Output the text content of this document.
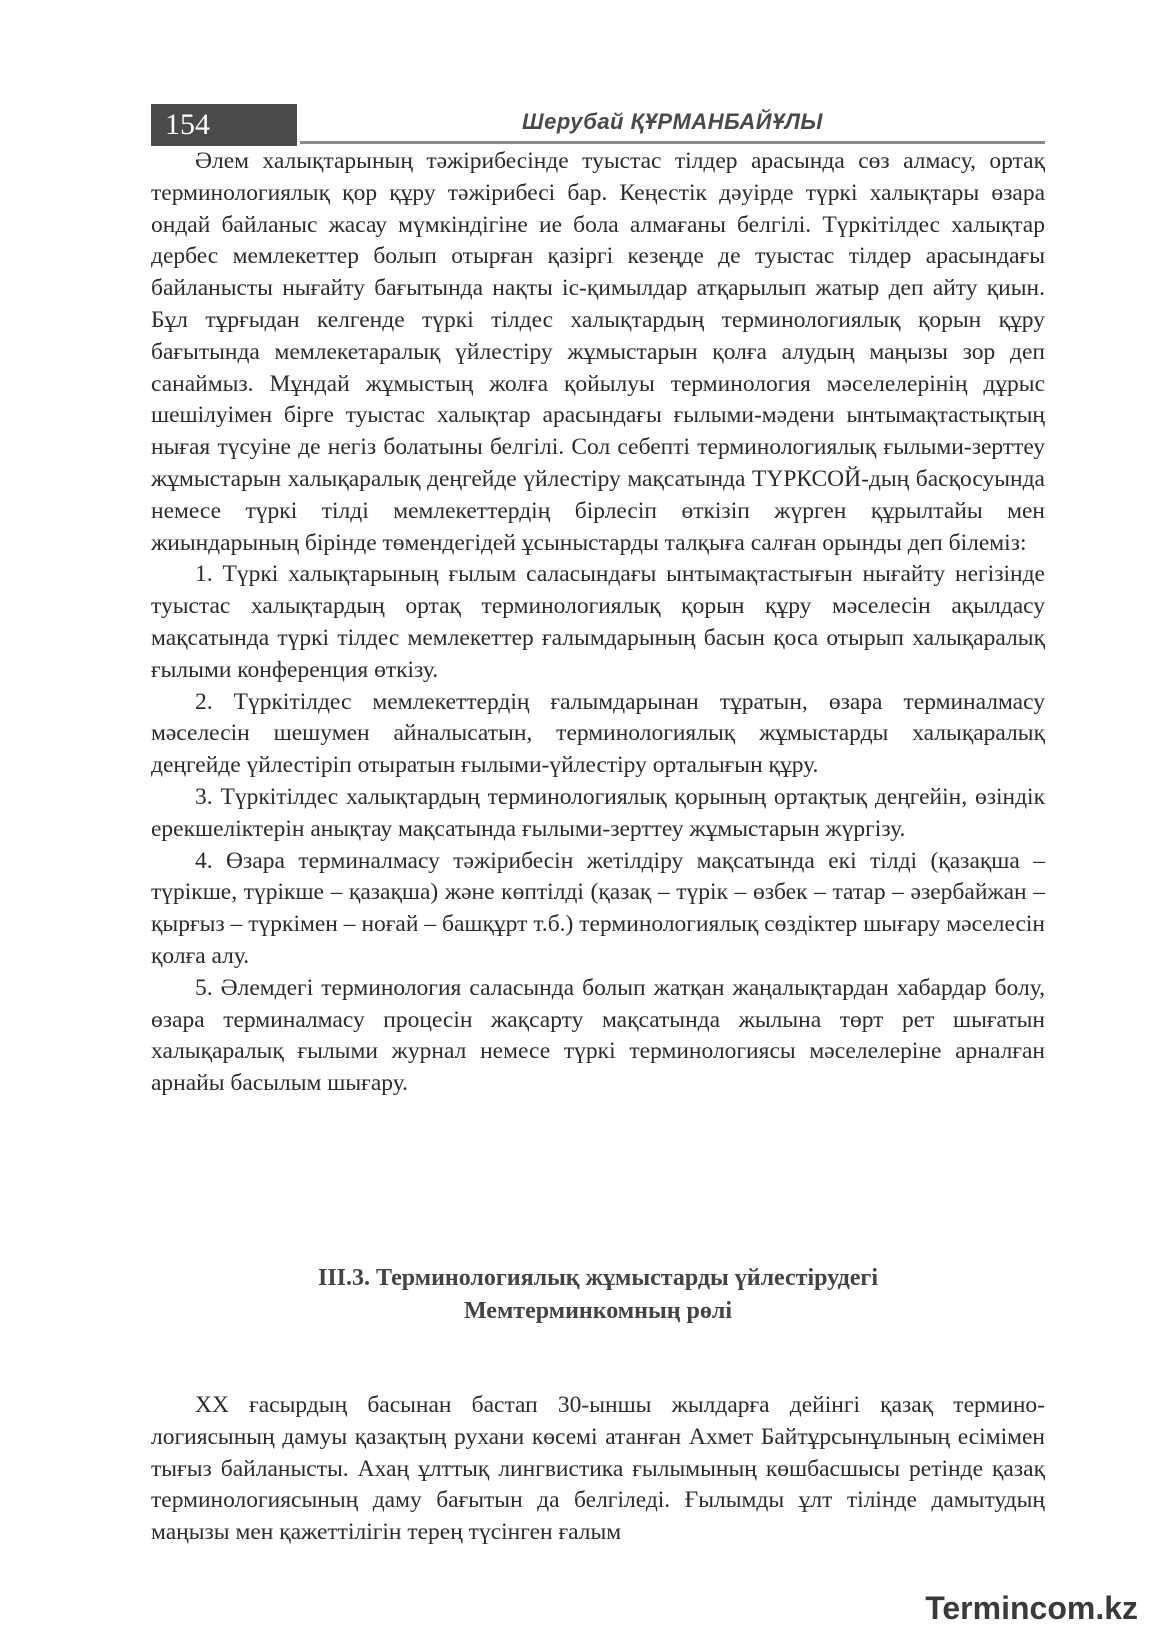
154	Шерубай ҚҰРМАНБАЙҰЛЫ

Әлем халықтарының тәжірибесінде туыстас тілдер арасында сөз алмасу, ортақ терминологиялық қор құру тәжірибесі бар. Кеңестік дәуірде түркі халықтары өзара ондай байланыс жасау мүмкіндігіне ие бола алмағаны белгілі. Түркітілдес халықтар дербес мемлекеттер болып отырған қазіргі кезеңде де туыстас тілдер арасындағы байланысты нығайту бағытында нақты іс-қимылдар атқарылып жатыр деп айту қиын. Бұл тұрғыдан келгенде түркі тілдес халықтардың терминологиялық қорын құру бағытында мемлекетаралық үйлестіру жұмыстарын қолға алудың маңызы зор деп санаймыз. Мұндай жұмыстың жолға қойылуы терминология мәселелерінің дұрыс шешілуімен бірге туыстас халықтар арасындағы ғылыми-мәдени ынтымақтастықтың нығая түсуіне де негіз болатыны белгілі. Сол себепті терминологиялық ғылыми-зерттеу жұмыстарын халықаралық деңгейде үйлестіру мақсатында ТҮРКСОЙ-дың басқосуында немесе түркі тілді мемлекеттердің бірлесіп өткізіп жүрген құрылтайы мен жиындарының бірінде төмендегідей ұсыныстарды талқыға салған орынды деп білеміз:

1. Түркі халықтарының ғылым саласындағы ынтымақтастығын нығайту негізінде туыстас халықтардың ортақ терминологиялық қорын құру мәселесін ақылдасу мақсатында түркі тілдес мемлекеттер ғалымдарының басын қоса отырып халықаралық ғылыми конференция өткізу.

2. Түркітілдес мемлекеттердің ғалымдарынан тұратын, өзара терминалмасу мәселесін шешумен айналысатын, терминологиялық жұмыстарды халықаралық деңгейде үйлестіріп отыратын ғылыми-үйлестіру орталығын құру.

3. Түркітілдес халықтардың терминологиялық қорының ортақтық деңгейін, өзіндік ерекшеліктерін анықтау мақсатында ғылыми-зерттеу жұмыстарын жүргізу.

4. Өзара терминалмасу тәжірибесін жетілдіру мақсатында екі тілді (қазақша – түрікше, түрікше – қазақша) және көптілді (қазақ – түрік – өзбек – татар – әзербайжан – қырғыз – түркімен – ноғай – башқұрт т.б.) терминологиялық сөздіктер шығару мәселесін қолға алу.

5. Әлемдегі терминология саласында болып жатқан жаңалықтардан хабардар болу, өзара терминалмасу процесін жақсарту мақсатында жылына төрт рет шығатын халықаралық ғылыми журнал немесе түркі терминологиясы мәселелеріне арналған арнайы басылым шығару.

ІІІ.3. Терминологиялық жұмыстарды үйлестірудегі
Мемтерминкомның рөлі

ХХ ғасырдың басынан бастап 30-ыншы жылдарға дейінгі қазақ терминологиясының дамуы қазақтың рухани көсемі атанған Ахмет Байтұрсынұлының есімімен тығыз байланысты. Ахаң ұлттық лингвистика ғылымының көшбасшысы ретінде қазақ терминологиясының даму бағытын да белгіледі. Ғылымды ұлт тілінде дамытудың маңызы мен қажеттілігін терең түсінген ғалым

Termincom.kz
